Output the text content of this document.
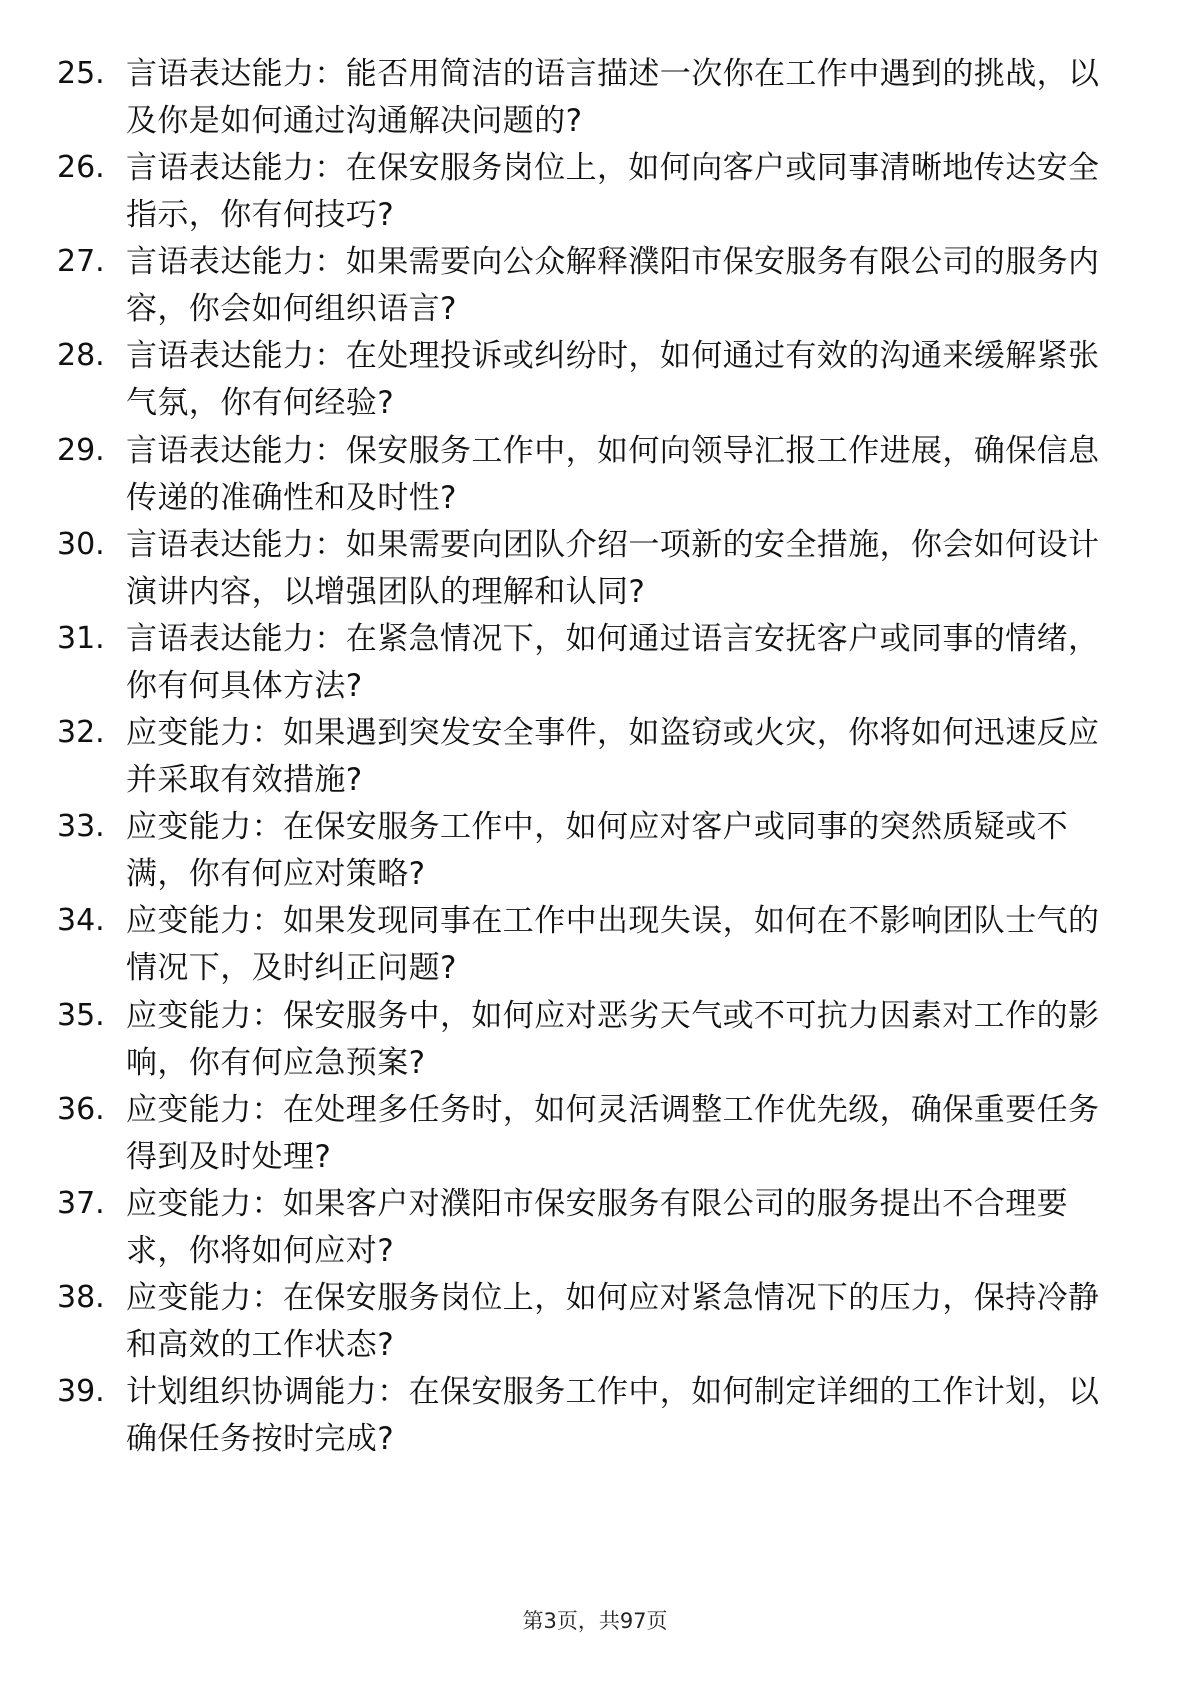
25. 言语表达能力：能否用简洁的语言描述一次你在工作中遇到的挑战，以及你是如何通过沟通解决问题的?
26. 言语表达能力：在保安服务岗位上，如何向客户或同事清晰地传达安全指示，你有何技巧?
27. 言语表达能力：如果需要向公众解释濮阳市保安服务有限公司的服务内容，你会如何组织语言?
28. 言语表达能力：在处理投诉或纠纷时，如何通过有效的沟通来缓解紧张气氛，你有何经验?
29. 言语表达能力：保安服务工作中，如何向领导汇报工作进展，确保信息传递的准确性和及时性?
30. 言语表达能力：如果需要向团队介绍一项新的安全措施，你会如何设计演讲内容，以增强团队的理解和认同?
31. 言语表达能力：在紧急情况下，如何通过语言安抚客户或同事的情绪，你有何具体方法?
32. 应变能力：如果遇到突发安全事件，如盗窃或火灾，你将如何迅速反应并采取有效措施?
33. 应变能力：在保安服务工作中，如何应对客户或同事的突然质疑或不满，你有何应对策略?
34. 应变能力：如果发现同事在工作中出现失误，如何在不影响团队士气的情况下，及时纠正问题?
35. 应变能力：保安服务中，如何应对恶劣天气或不可抗力因素对工作的影响，你有何应急预案?
36. 应变能力：在处理多任务时，如何灵活调整工作优先级，确保重要任务得到及时处理?
37. 应变能力：如果客户对濮阳市保安服务有限公司的服务提出不合理要求，你将如何应对?
38. 应变能力：在保安服务岗位上，如何应对紧急情况下的压力，保持冷静和高效的工作状态?
39. 计划组织协调能力：在保安服务工作中，如何制定详细的工作计划，以确保任务按时完成?
第3页，共97页
